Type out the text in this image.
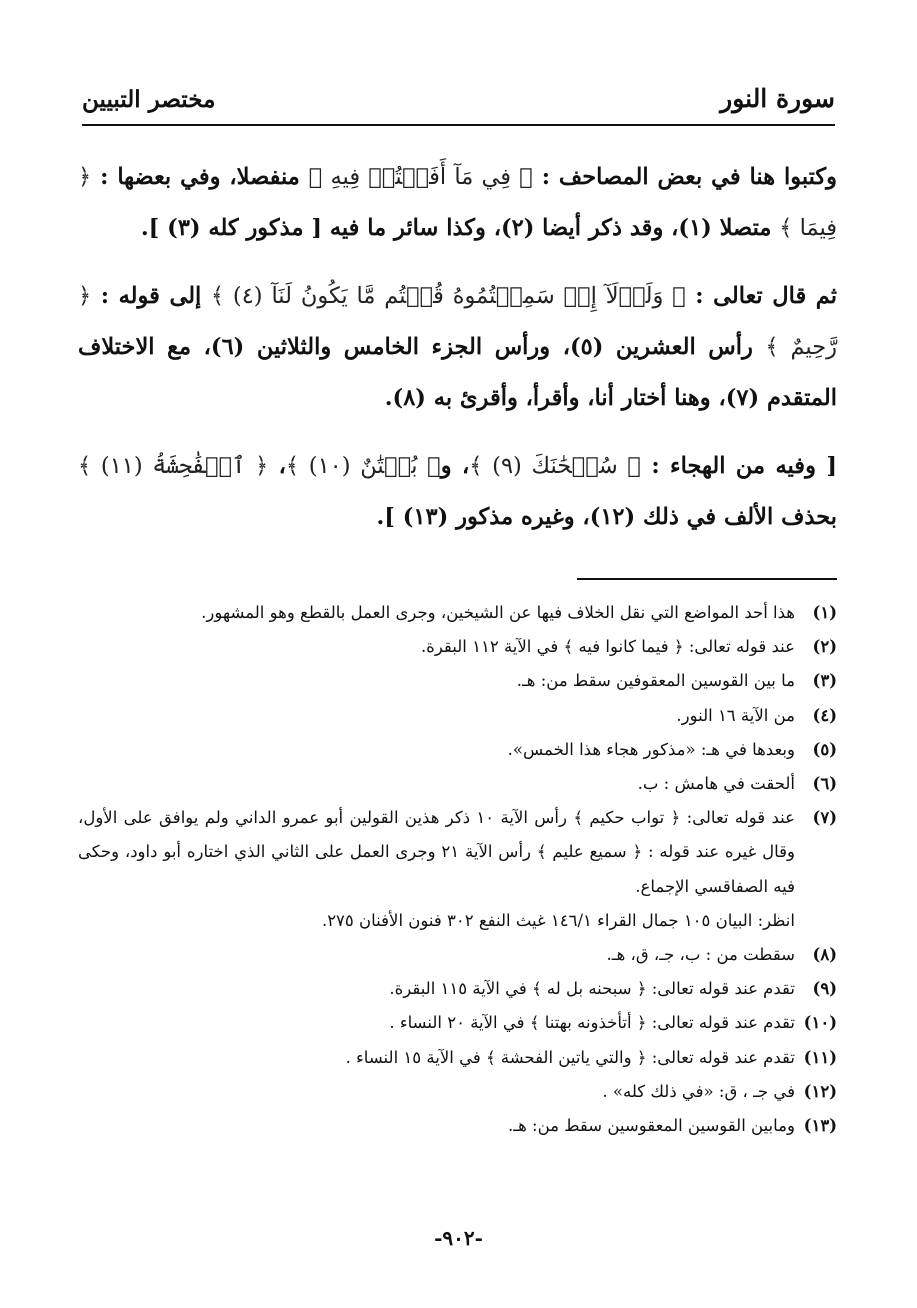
سورة النور
مختصر التبيين

وكتبوا هنا في بعض المصاحف : ﴿ فِي مَآ أَفَضۡتُمۡ فِيهِ ﴾ منفصلا، وفي بعضها : ﴿ فِيمَا ﴾ متصلا (١)، وقد ذكر أيضا (٢)، وكذا سائر ما فيه [ مذكور كله (٣) ].

ثم قال تعالى : ﴿ وَلَوۡلَآ إِذۡ سَمِعۡتُمُوهُ قُلۡتُم مَّا يَكُونُ لَنَآ (٤) ﴾ إلى قوله : ﴿ رَّحِيمٌ ﴾ رأس العشرين (٥)، ورأس الجزء الخامس والثلاثين (٦)، مع الاختلاف المتقدم (٧)، وهنا أختار أنا، وأقرأ، وأقرئ به (٨).

[ وفيه من الهجاء : ﴿ سُبۡحَٰنَكَ (٩) ﴾، و﴿ بُهۡتَٰنٌ (١٠) ﴾، ﴿ ٱلۡفَٰحِشَةُ (١١) ﴾ بحذف الألف في ذلك (١٢)، وغيره مذكور (١٣) ].

(١)
هذا أحد المواضع التي نقل الخلاف فيها عن الشيخين، وجرى العمل بالقطع وهو المشهور.
(٢)
عند قوله تعالى: ﴿ فيما كانوا فيه ﴾ في الآية ١١٢ البقرة.
(٣)
ما بين القوسين المعقوفين سقط من: هـ.
(٤)
من الآية ١٦ النور.
(٥)
وبعدها في هـ: «مذكور هجاء هذا الخمس».
(٦)
ألحقت في هامش : ب.
(٧)
عند قوله تعالى: ﴿ تواب حكيم ﴾ رأس الآية ١٠ ذكر هذين القولين أبو عمرو الداني ولم يوافق على الأول، وقال غيره عند قوله : ﴿ سميع عليم ﴾ رأس الآية ٢١ وجرى العمل على الثاني الذي اختاره أبو داود، وحكى فيه الصفاقسي الإجماع.
انظر: البيان ١٠٥ جمال القراء ١٤٦/١ غيث النفع ٣٠٢ فنون الأفنان ٢٧٥.
(٨)
سقطت من : ب، جـ، ق، هـ.
(٩)
تقدم عند قوله تعالى: ﴿ سبحنه بل له ﴾ في الآية ١١٥ البقرة.
(١٠)
تقدم عند قوله تعالى: ﴿ أتأخذونه بهتنا ﴾ في الآية ٢٠ النساء .
(١١)
تقدم عند قوله تعالى: ﴿ والتي ياتين الفحشة ﴾ في الآية ١٥ النساء .
(١٢)
في جـ ، ق: «في ذلك كله» .
(١٣)
ومابين القوسين المعقوسين سقط من: هـ.
-٩٠٢-
